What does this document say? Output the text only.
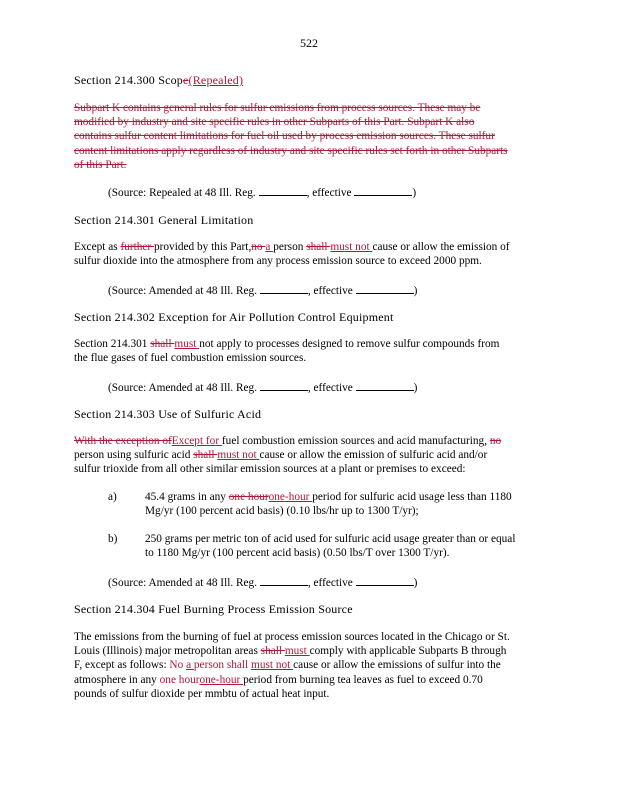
522
Section 214.300 Scope(Repealed)
Subpart K contains general rules for sulfur emissions from process sources. These may be
modified by industry and site specific rules in other Subparts of this Part. Subpart K also
contains sulfur content limitations for fuel oil used by process emission sources. These sulfur
content limitations apply regardless of industry and site specific rules set forth in other Subparts
of this Part.
(Source: Repealed at 48 Ill. Reg.	, effective	)
Section 214.301 General Limitation
Except as further provided by this Part,no a person shall must not cause or allow the emission of
sulfur dioxide into the atmosphere from any process emission source to exceed 2000 ppm.
(Source: Amended at 48 Ill. Reg.	, effective	)
Section 214.302 Exception for Air Pollution Control Equipment
Section 214.301 shall must not apply to processes designed to remove sulfur compounds from
the flue gases of fuel combustion emission sources.
(Source: Amended at 48 Ill. Reg.	, effective	)
Section 214.303 Use of Sulfuric Acid
With the exception ofExcept for fuel combustion emission sources and acid manufacturing, no
person using sulfuric acid shall must not cause or allow the emission of sulfuric acid and/or
sulfur trioxide from all other similar emission sources at a plant or premises to exceed:
a) 45.4 grams in any one hourone-hour period for sulfuric acid usage less than 1180
Mg/yr (100 percent acid basis) (0.10 lbs/hr up to 1300 T/yr);
b) 250 grams per metric ton of acid used for sulfuric acid usage greater than or equal
to 1180 Mg/yr (100 percent acid basis) (0.50 lbs/T over 1300 T/yr).
(Source: Amended at 48 Ill. Reg.	, effective	)
Section 214.304 Fuel Burning Process Emission Source
The emissions from the burning of fuel at process emission sources located in the Chicago or St.
Louis (Illinois) major metropolitan areas shall must comply with applicable Subparts B through
F, except as follows: No a person shall must not cause or allow the emissions of sulfur into the
atmosphere in any one hourone-hour period from burning tea leaves as fuel to exceed 0.70
pounds of sulfur dioxide per mmbtu of actual heat input.
